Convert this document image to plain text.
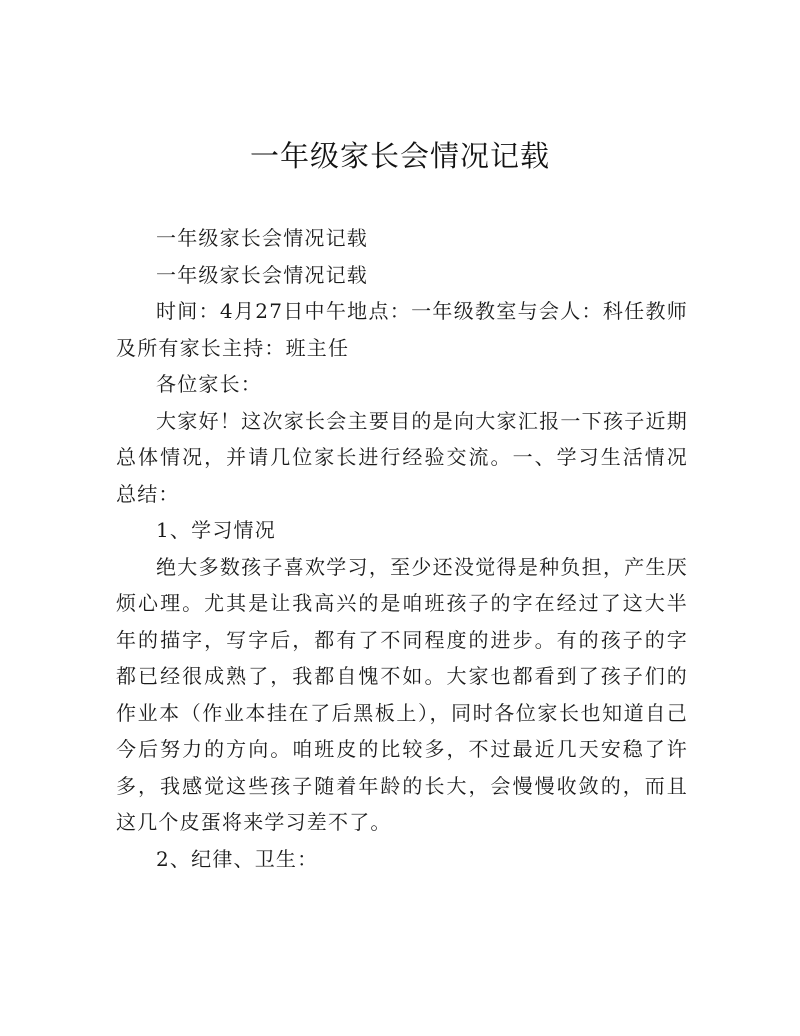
一年级家长会情况记载

一年级家长会情况记载

一年级家长会情况记载

时间：4月27日中午地点：一年级教室与会人：科任教师及所有家长主持：班主任

各位家长：

大家好！这次家长会主要目的是向大家汇报一下孩子近期总体情况，并请几位家长进行经验交流。一、学习生活情况总结：

1、学习情况

绝大多数孩子喜欢学习，至少还没觉得是种负担，产生厌烦心理。尤其是让我高兴的是咱班孩子的字在经过了这大半年的描字，写字后，都有了不同程度的进步。有的孩子的字都已经很成熟了，我都自愧不如。大家也都看到了孩子们的作业本（作业本挂在了后黑板上），同时各位家长也知道自己今后努力的方向。咱班皮的比较多，不过最近几天安稳了许多，我感觉这些孩子随着年龄的长大，会慢慢收敛的，而且这几个皮蛋将来学习差不了。

2、纪律、卫生：
